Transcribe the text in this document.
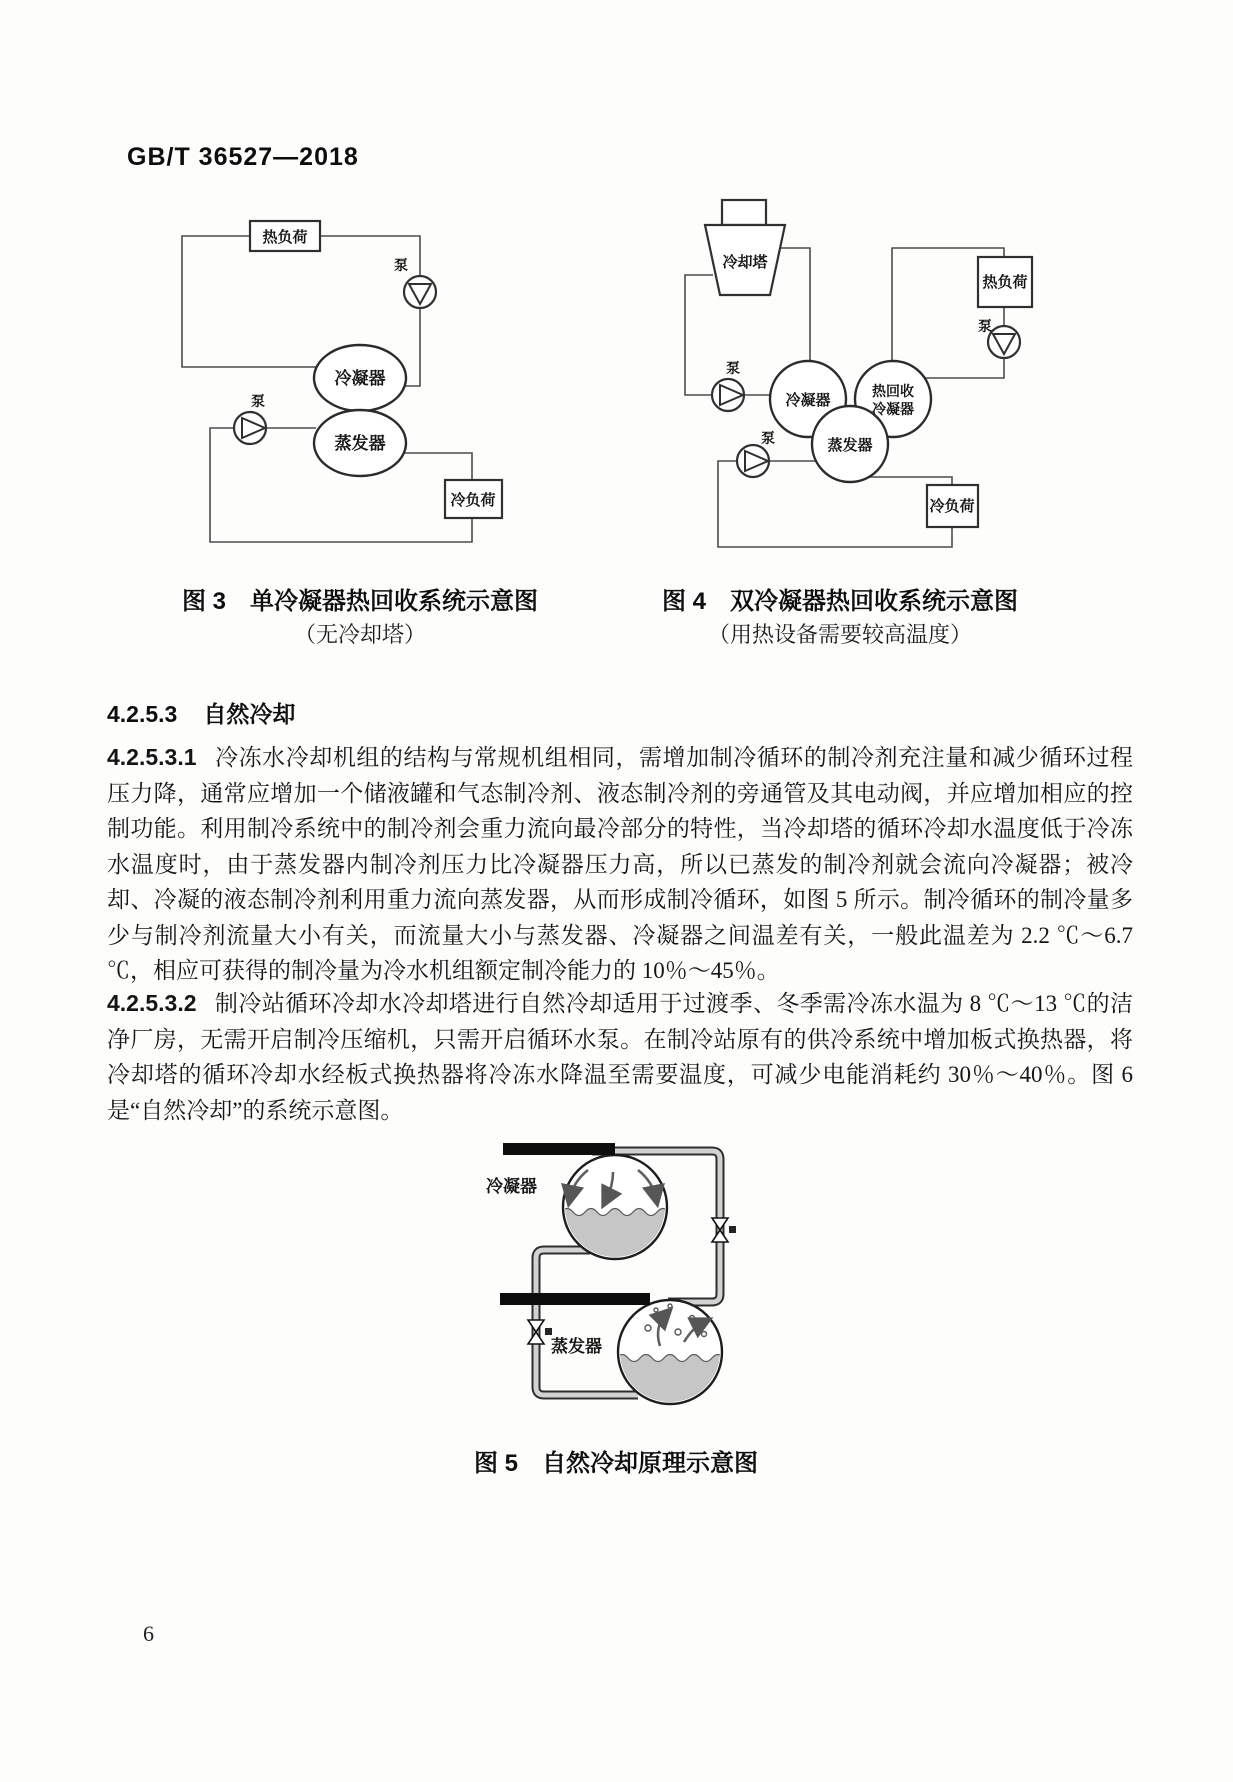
GB/T 36527—2018
热负荷
泵
冷凝器
蒸发器
泵
冷负荷
冷却塔
泵
热负荷
泵
冷凝器
热回收
冷凝器
蒸发器
泵
冷负荷
图 3　单冷凝器热回收系统示意图
（无冷却塔）
图 4　双冷凝器热回收系统示意图
（用热设备需要较高温度）
4.2.5.3 自然冷却
4.2.5.3.1 冷冻水冷却机组的结构与常规机组相同，需增加制冷循环的制冷剂充注量和减少循环过程压力降，通常应增加一个储液罐和气态制冷剂、液态制冷剂的旁通管及其电动阀，并应增加相应的控制功能。利用制冷系统中的制冷剂会重力流向最冷部分的特性，当冷却塔的循环冷却水温度低于冷冻水温度时，由于蒸发器内制冷剂压力比冷凝器压力高，所以已蒸发的制冷剂就会流向冷凝器；被冷却、冷凝的液态制冷剂利用重力流向蒸发器，从而形成制冷循环，如图 5 所示。制冷循环的制冷量多少与制冷剂流量大小有关，而流量大小与蒸发器、冷凝器之间温差有关，一般此温差为 2.2 ℃～6.7 ℃，相应可获得的制冷量为冷水机组额定制冷能力的 10％～45％。
4.2.5.3.2 制冷站循环冷却水冷却塔进行自然冷却适用于过渡季、冬季需冷冻水温为 8 ℃～13 ℃的洁净厂房，无需开启制冷压缩机，只需开启循环水泵。在制冷站原有的供冷系统中增加板式换热器，将冷却塔的循环冷却水经板式换热器将冷冻水降温至需要温度，可减少电能消耗约 30％～40％。图 6 是“自然冷却”的系统示意图。
冷凝器
蒸发器
图 5　自然冷却原理示意图
6
